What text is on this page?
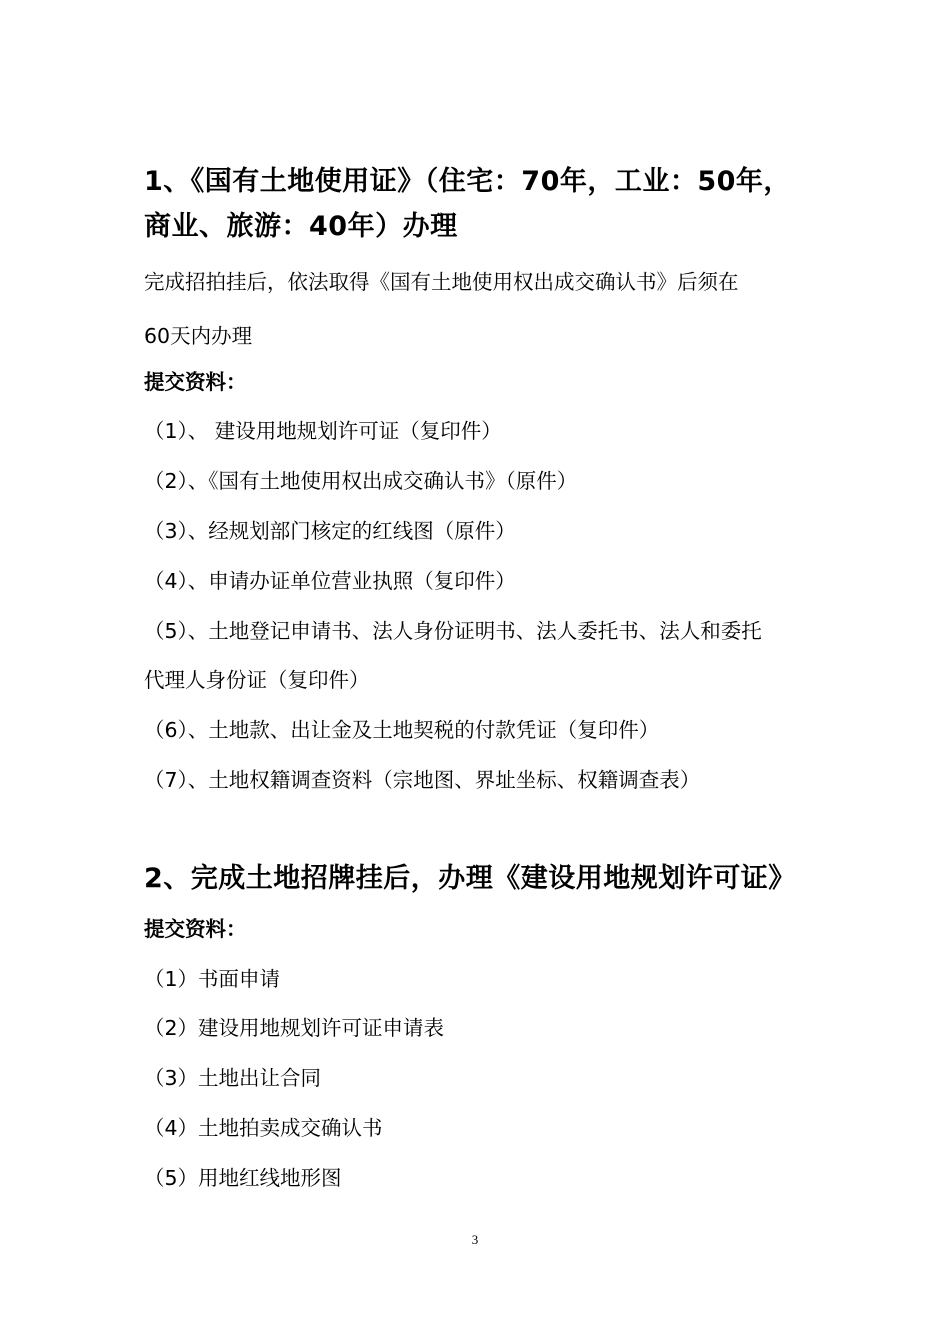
1、《国有土地使用证》（住宅：70年，工业：50年，
商业、旅游：40年）办理

完成招拍挂后，依法取得《国有土地使用权出成交确认书》后须在

60天内办理

提交资料：

（1）、 建设用地规划许可证（复印件）

（2）、《国有土地使用权出成交确认书》（原件）

（3）、经规划部门核定的红线图（原件）

（4）、申请办证单位营业执照（复印件）

（5）、土地登记申请书、法人身份证明书、法人委托书、法人和委托

代理人身份证（复印件）

（6）、土地款、出让金及土地契税的付款凭证（复印件）

（7）、土地权籍调查资料（宗地图、界址坐标、权籍调查表）

2、完成土地招牌挂后，办理《建设用地规划许可证》

提交资料：

（1）书面申请

（2）建设用地规划许可证申请表

（3）土地出让合同

（4）土地拍卖成交确认书

（5）用地红线地形图

3
